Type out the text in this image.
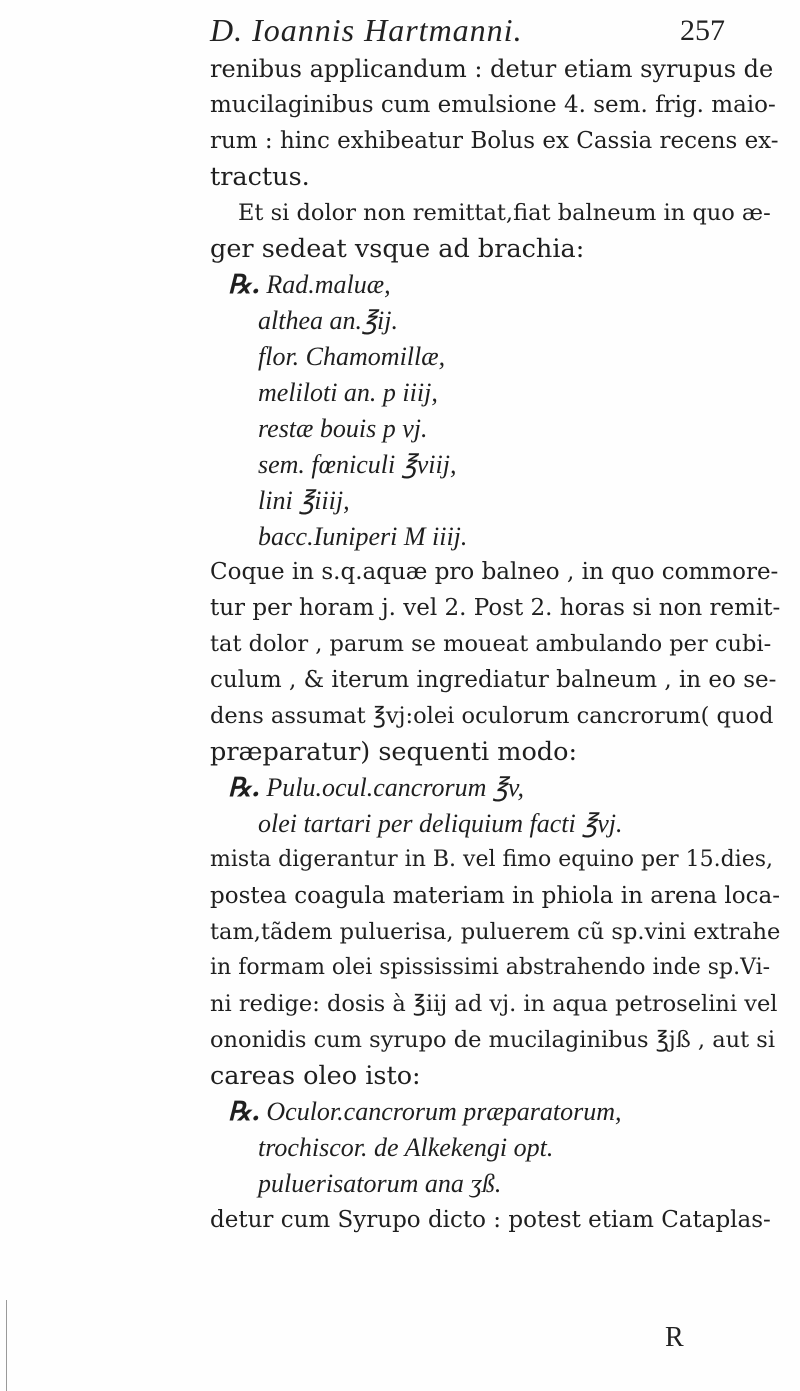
D. Ioannis Hartmanni.	257
renibus applicandum : detur etiam syrupus de
mucilaginibus cum emulsione 4. sem. frig. maio-
rum : hinc exhibeatur Bolus ex Cassia recens ex-
tractus.
Et si dolor non remittat,fiat balneum in quo æ-
ger sedeat vsque ad brachia:
℞. Rad.maluæ,
althea an.℥ij.
flor. Chamomillæ,
meliloti an. p iiij,
restæ bouis p vj.
sem. fœniculi ℥viij,
lini ℥iiij,
bacc.Iuniperi M iiij.
Coque in s.q.aquæ pro balneo , in quo commore-
tur per horam j. vel 2. Post 2. horas si non remit-
tat dolor , parum se moueat ambulando per cubi-
culum , & iterum ingrediatur balneum , in eo se-
dens assumat ℥vj:olei oculorum cancrorum( quod
præparatur) sequenti modo:
℞. Pulu.ocul.cancrorum ℥v,
olei tartari per deliquium facti ℥vj.
mista digerantur in B. vel fimo equino per 15.dies,
postea coagula materiam in phiola in arena loca-
tam,tãdem puluerisa, puluerem cũ sp.vini extrahe
in formam olei spississimi abstrahendo inde sp.Vi-
ni redige: dosis à ℥iij ad vj. in aqua petroselini vel
ononidis cum syrupo de mucilaginibus ℥jß , aut si
careas oleo isto:
℞. Oculor.cancrorum præparatorum,
trochiscor. de Alkekengi opt.
puluerisatorum ana ʒß.
detur cum Syrupo dicto : potest etiam Cataplas-
R
